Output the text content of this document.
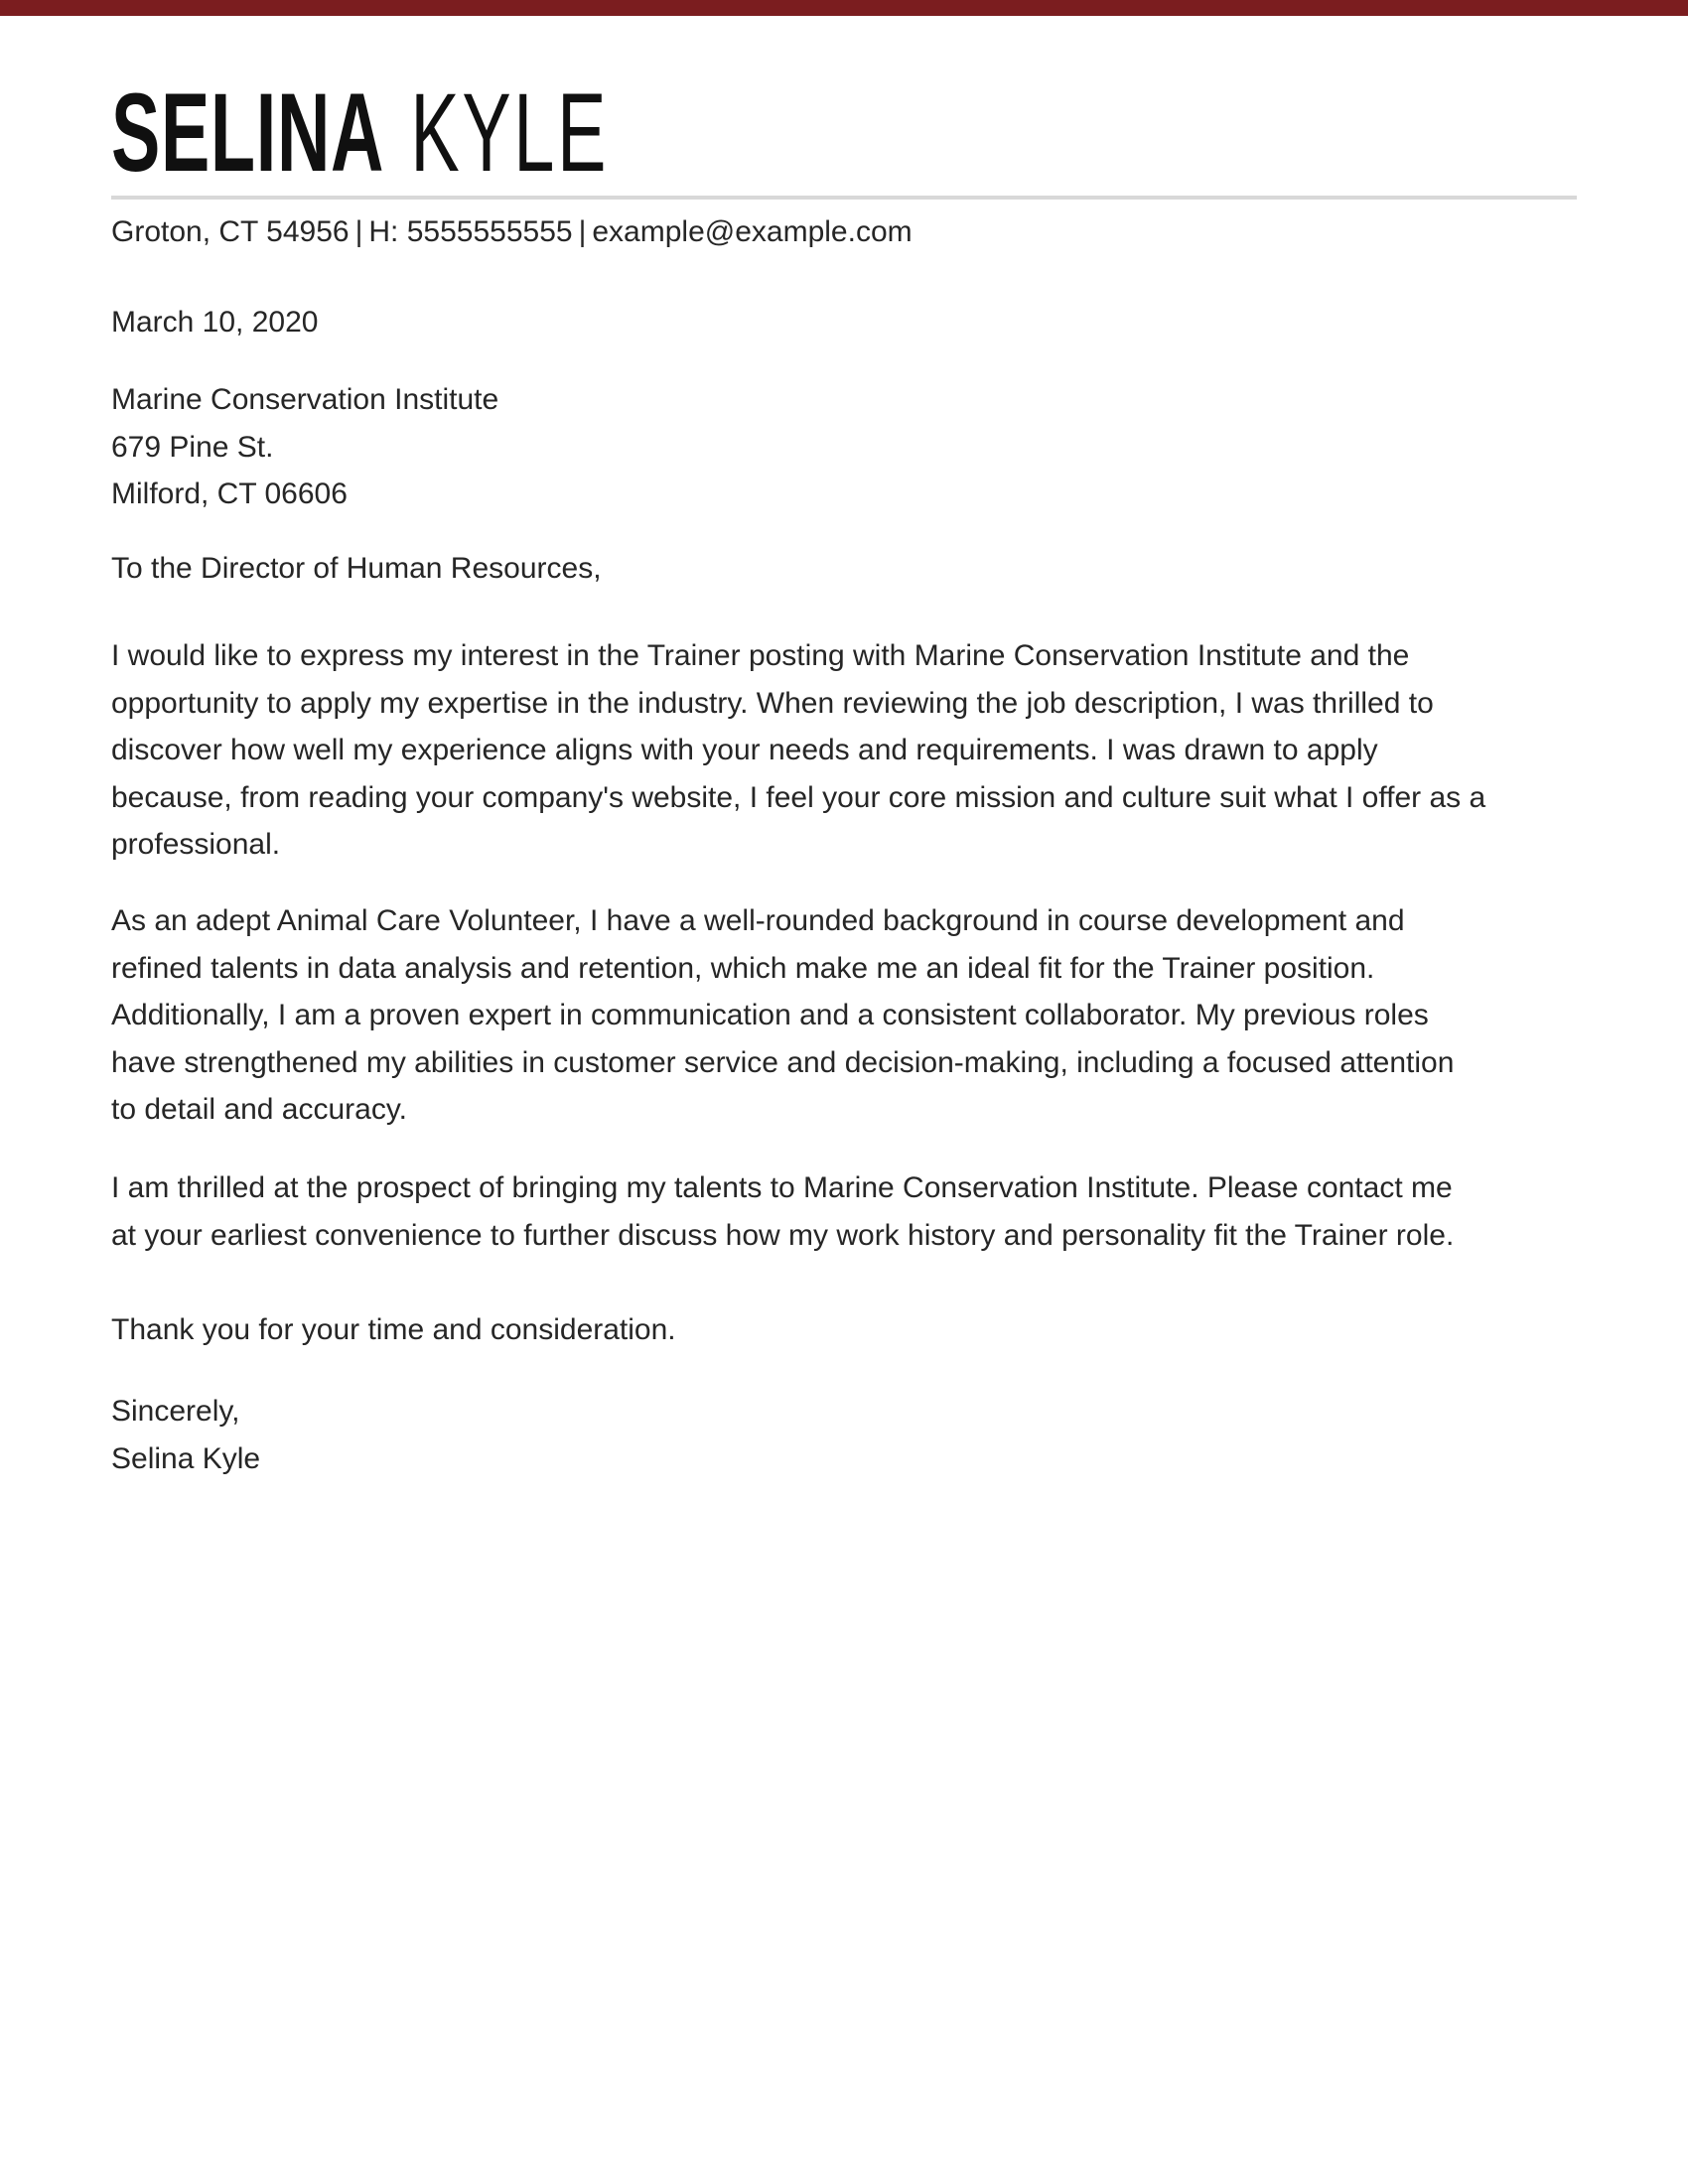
SELINA KYLE
Groton, CT 54956 | H: 5555555555 | example@example.com
March 10, 2020
Marine Conservation Institute
679 Pine St.
Milford, CT 06606
To the Director of Human Resources,
I would like to express my interest in the Trainer posting with Marine Conservation Institute and the
opportunity to apply my expertise in the industry. When reviewing the job description, I was thrilled to
discover how well my experience aligns with your needs and requirements. I was drawn to apply
because, from reading your company's website, I feel your core mission and culture suit what I offer as a
professional.
As an adept Animal Care Volunteer, I have a well-rounded background in course development and
refined talents in data analysis and retention, which make me an ideal fit for the Trainer position.
Additionally, I am a proven expert in communication and a consistent collaborator. My previous roles
have strengthened my abilities in customer service and decision-making, including a focused attention
to detail and accuracy.
I am thrilled at the prospect of bringing my talents to Marine Conservation Institute. Please contact me
at your earliest convenience to further discuss how my work history and personality fit the Trainer role.
Thank you for your time and consideration.
Sincerely,
Selina Kyle
